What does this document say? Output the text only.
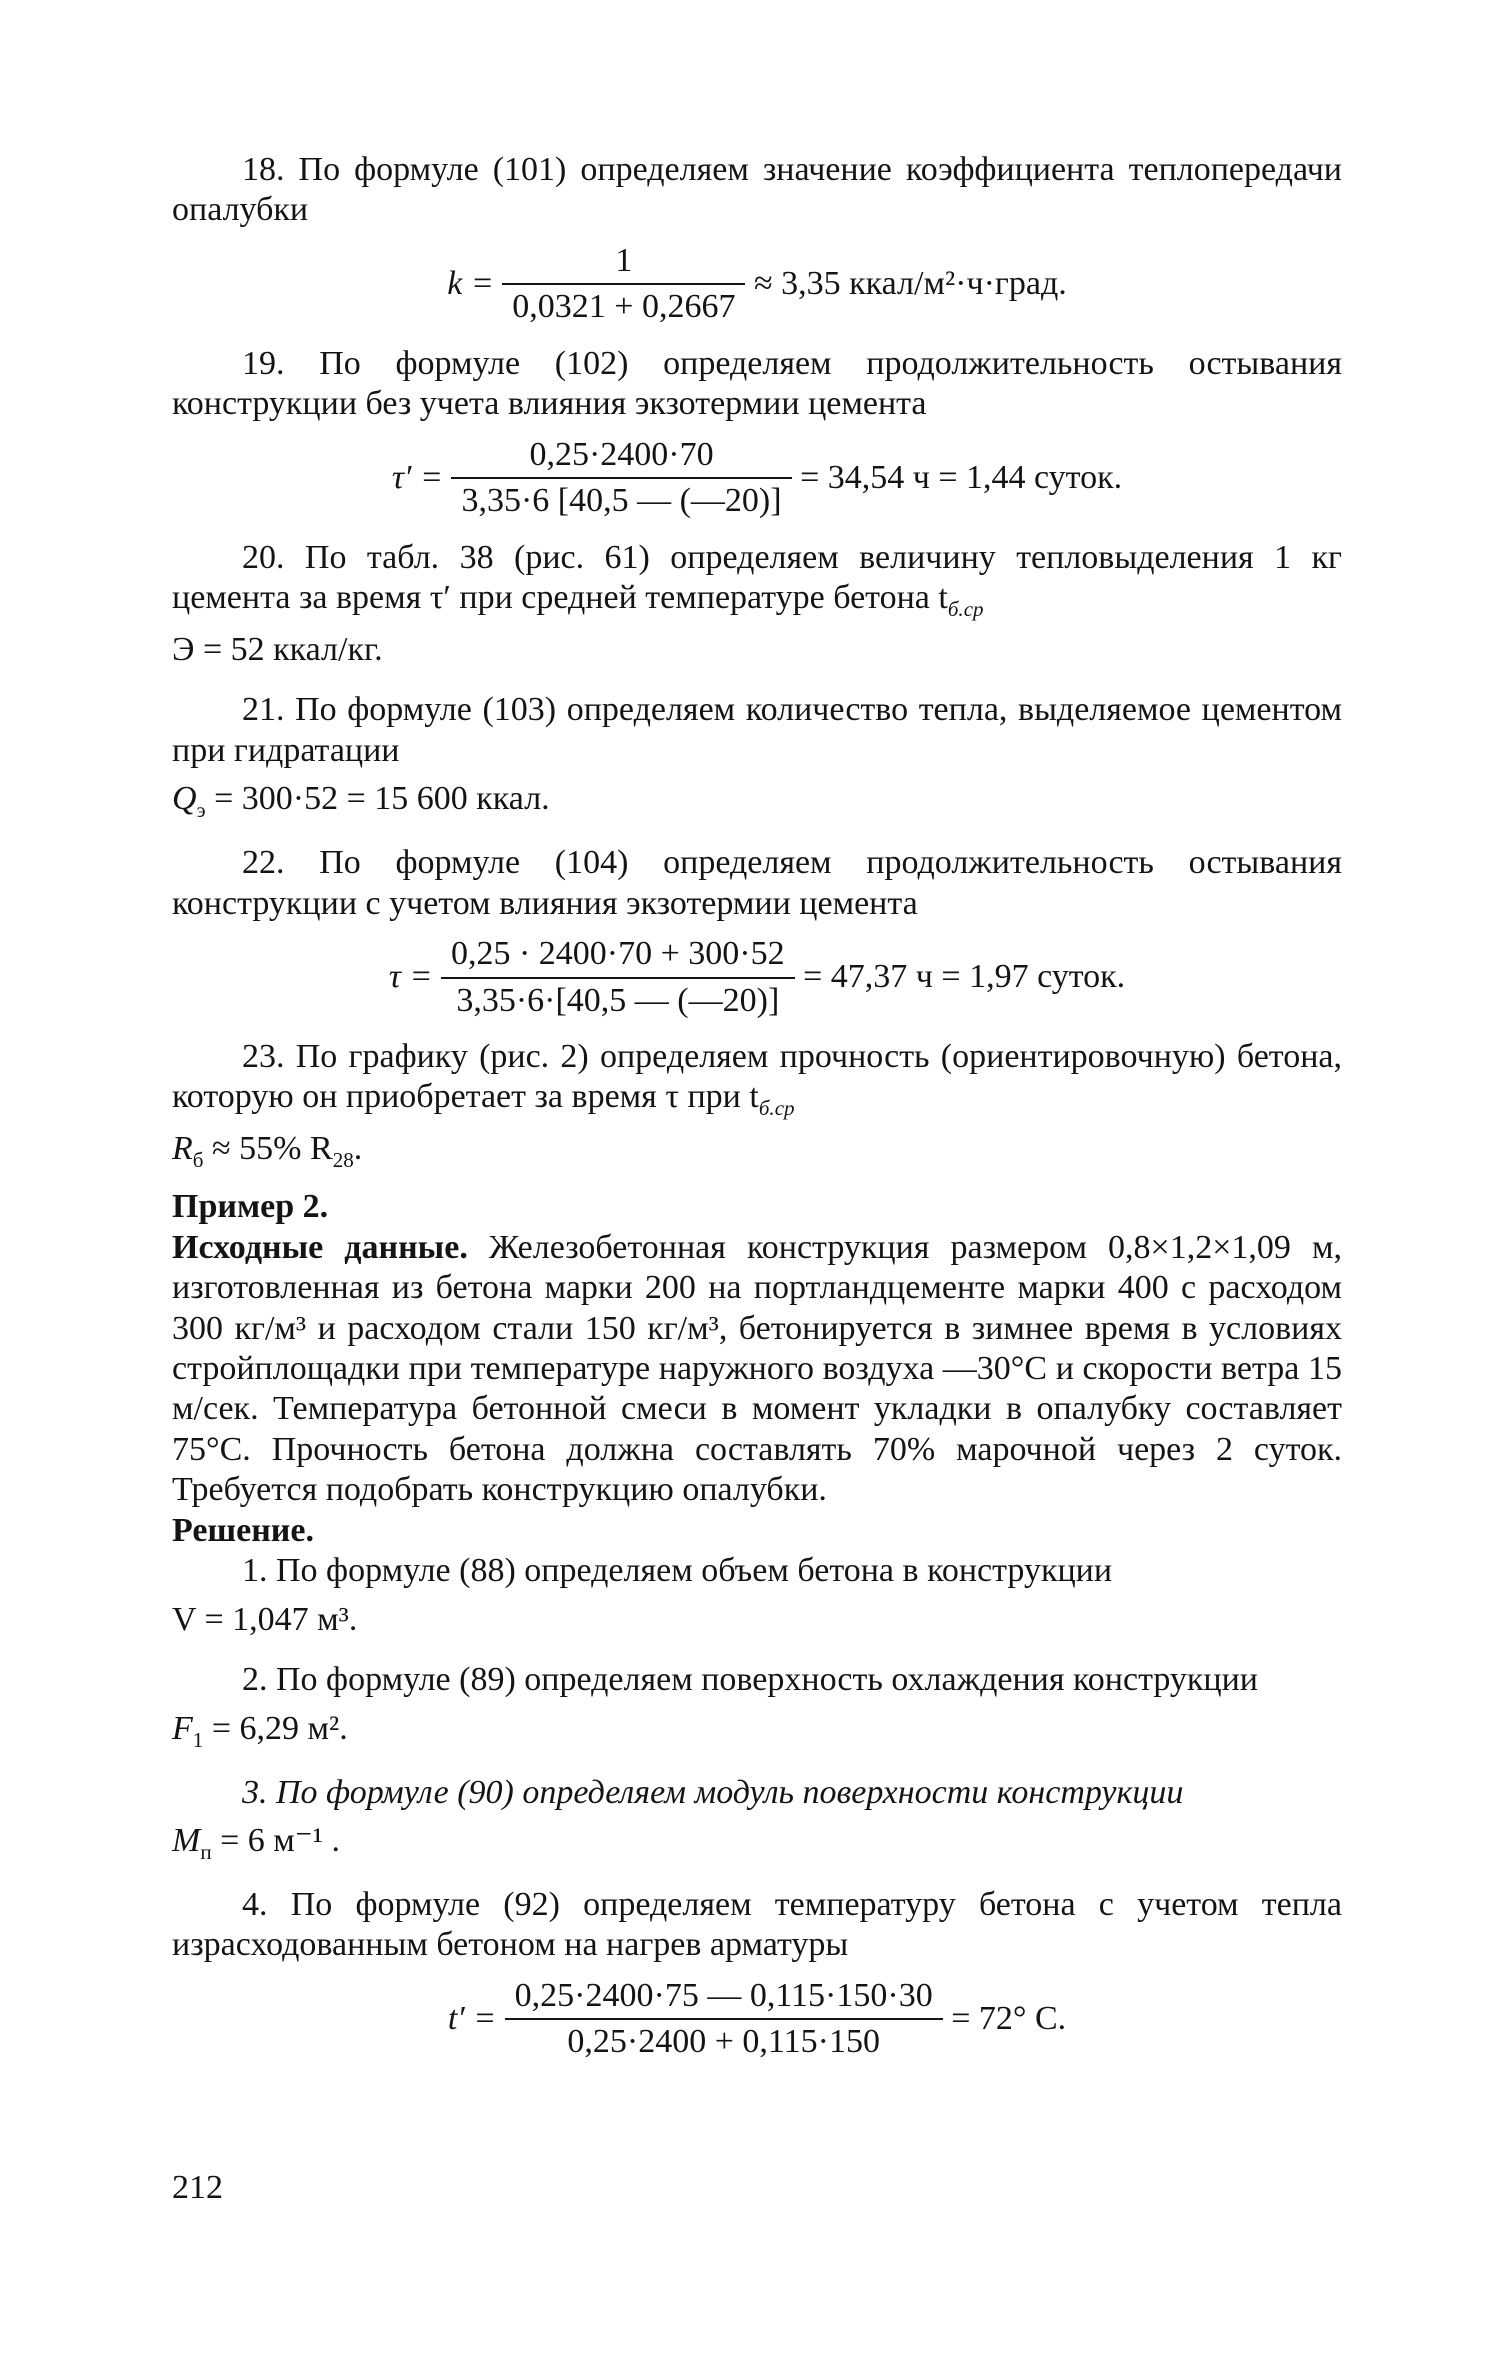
18. По формуле (101) определяем значение коэффициента теплопередачи опалубки

$k = \frac{1}{0,0321 + 0,2667} \approx 3,35$ ккал/м²·ч·град.

19. По формуле (102) определяем продолжительность остывания конструкции без учета влияния экзотермии цемента

$\tau' = \frac{0,25\cdot 2400\cdot 70}{3,35\cdot 6 [40,5 — (—20)]} = 34,54$ ч = 1,44 суток.

20. По табл. 38 (рис. 61) определяем величину тепловыделения 1 кг цемента за время τ′ при средней температуре бетона $t_{б.ср}$

Э = 52 ккал/кг.

21. По формуле (103) определяем количество тепла, выделяемое цементом при гидратации

$Q_э = 300\cdot 52 = 15$ 600 ккал.

22. По формуле (104) определяем продолжительность остывания конструкции с учетом влияния экзотермии цемента

$\tau = \frac{0,25 \cdot 2400\cdot 70 + 300\cdot 52}{3,35\cdot 6\cdot[40,5 — (—20)]} = 47,37$ ч = 1,97 суток.

23. По графику (рис. 2) определяем прочность (ориентировочную) бетона, которую он приобретает за время τ при $t_{б.ср}$

$R_б \approx 55\%$ $R_{28}$.

Пример 2.

Исходные данные. Железобетонная конструкция размером 0,8×1,2×1,09 м, изготовленная из бетона марки 200 на портландцементе марки 400 с расходом 300 кг/м³ и расходом стали 150 кг/м³, бетонируется в зимнее время в условиях стройплощадки при температуре наружного воздуха —30°С и скорости ветра 15 м/сек. Температура бетонной смеси в момент укладки в опалубку составляет 75°С. Прочность бетона должна составлять 70% марочной через 2 суток. Требуется подобрать конструкцию опалубки.

Решение.

1. По формуле (88) определяем объем бетона в конструкции

V = 1,047 м³.

2. По формуле (89) определяем поверхность охлаждения конструкции

$F_1 = 6,29$ м².

3. По формуле (90) определяем модуль поверхности конструкции

$M_п = 6$ м⁻¹ .

4. По формуле (92) определяем температуру бетона с учетом тепла израсходованным бетоном на нагрев арматуры

$t' = \frac{0,25\cdot 2400\cdot 75 — 0,115\cdot 150\cdot 30}{0,25\cdot 2400 + 0,115\cdot 150} = 72^\circ$ С.
212
